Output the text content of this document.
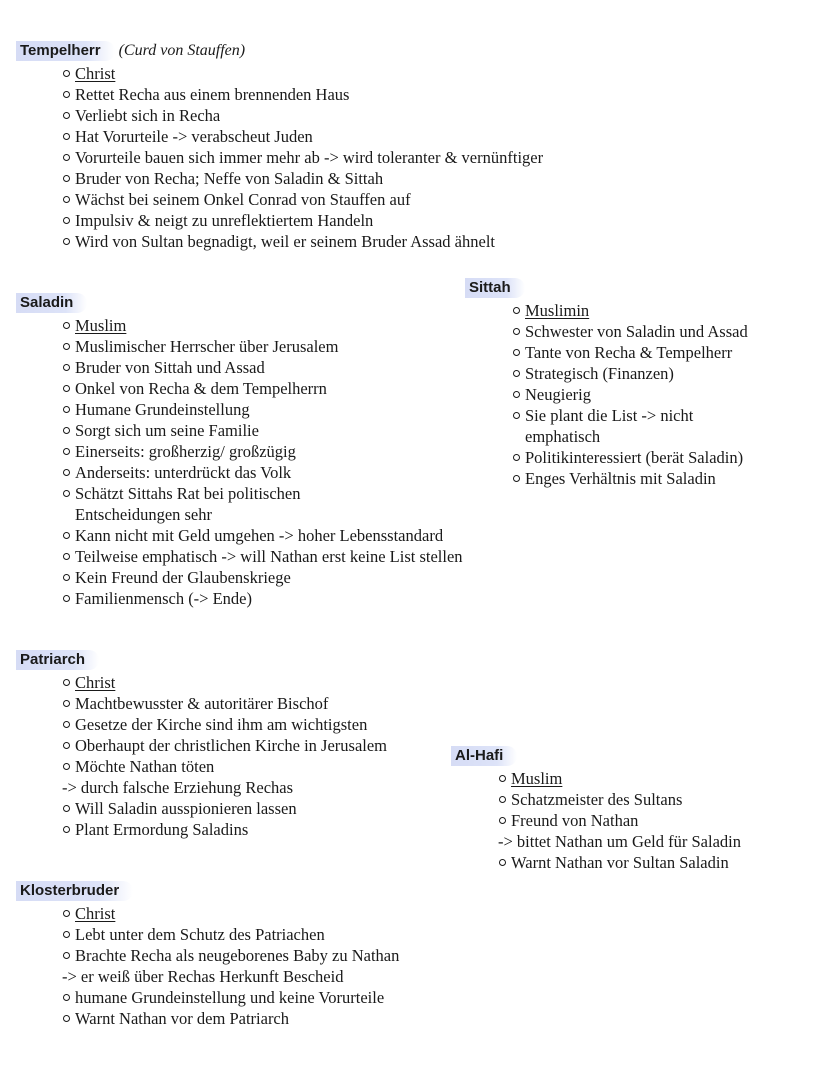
Tempelherr	(Curd von Stauffen)
Christ
Rettet Recha aus einem brennenden Haus
Verliebt sich in Recha
Hat Vorurteile -> verabscheut Juden
Vorurteile bauen sich immer mehr ab -> wird toleranter & vernünftiger
Bruder von Recha; Neffe von Saladin & Sittah
Wächst bei seinem Onkel Conrad von Stauffen auf
Impulsiv & neigt zu unreflektiertem Handeln
Wird von Sultan begnadigt, weil er seinem Bruder Assad ähnelt
Saladin
Muslim
Muslimischer Herrscher über Jerusalem
Bruder von Sittah und Assad
Onkel von Recha & dem Tempelherrn
Humane Grundeinstellung
Sorgt sich um seine Familie
Einerseits: großherzig/ großzügig
Anderseits: unterdrückt das Volk
Schätzt Sittahs Rat bei politischen
Entscheidungen sehr
Kann nicht mit Geld umgehen -> hoher Lebensstandard
Teilweise emphatisch -> will Nathan erst keine List stellen
Kein Freund der Glaubenskriege
Familienmensch (-> Ende)
Sittah
Muslimin
Schwester von Saladin und Assad
Tante von Recha & Tempelherr
Strategisch (Finanzen)
Neugierig
Sie plant die List -> nicht
emphatisch
Politikinteressiert (berät Saladin)
Enges Verhältnis mit Saladin
Patriarch
Christ
Machtbewusster & autoritärer Bischof
Gesetze der Kirche sind ihm am wichtigsten
Oberhaupt der christlichen Kirche in Jerusalem
Möchte Nathan töten
-> durch falsche Erziehung Rechas
Will Saladin ausspionieren lassen
Plant Ermordung Saladins
Al-Hafi
Muslim
Schatzmeister des Sultans
Freund von Nathan
-> bittet Nathan um Geld für Saladin
Warnt Nathan vor Sultan Saladin
Klosterbruder
Christ
Lebt unter dem Schutz des Patriachen
Brachte Recha als neugeborenes Baby zu Nathan
-> er weiß über Rechas Herkunft Bescheid
humane Grundeinstellung und keine Vorurteile
Warnt Nathan vor dem Patriarch
